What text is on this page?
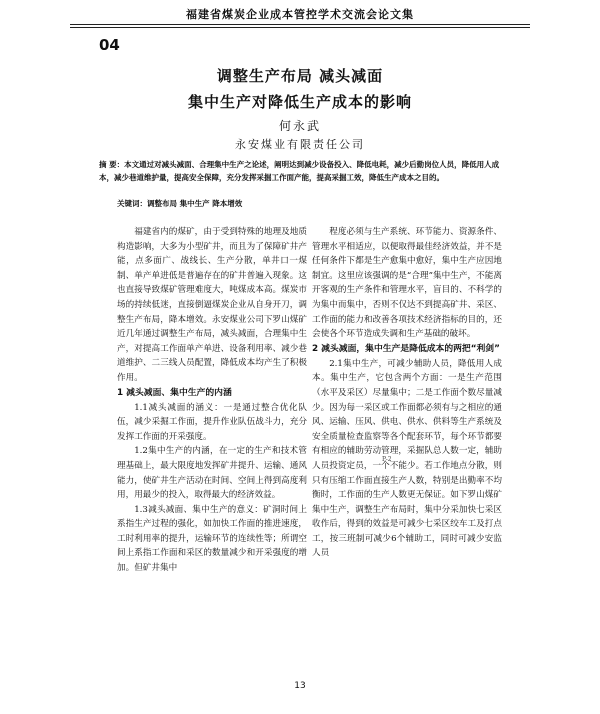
福建省煤炭企业成本管控学术交流会论文集
04
调整生产布局 减头减面
集中生产对降低生产成本的影响
何永武
永安煤业有限责任公司
摘 要：本文通过对减头减面、合理集中生产之论述，阐明达到减少设备投入、降低电耗，减少后勤岗位人员，降低用人成本，减少巷道维护量，提高安全保障，充分发挥采掘工作面产能，提高采掘工效，降低生产成本之目的。
关键词：调整布局 集中生产 降本增效

福建省内的煤矿，由于受到特殊的地理及地质构造影响，大多为小型矿井，而且为了保障矿井产能，点多面广、战线长、生产分散，单井口一煤制、单产单进低是普遍存在的矿井普遍入现象。这也直接导致煤矿管理难度大，吨煤成本高。煤炭市场的持续低迷，直接倒逼煤炭企业从自身开刀，调整生产布局，降本增效。永安煤业公司下罗山煤矿近几年通过调整生产布局，减头减面，合理集中生产，对提高工作面单产单进、设备利用率、减少巷道维护、二三线人员配置，降低成本均产生了积极作用。

1 减头减面、集中生产的内涵

1.1减头减面的涵义：一是通过整合优化队伍，减少采掘工作面，提升作业队伍战斗力，充分发挥工作面的开采强度。

1.2集中生产的内涵，在一定的生产和技术管理基础上，最大限度地发挥矿井提升、运输、通风能力，使矿井生产活动在时间、空间上得到高度利用，用最少的投入，取得最大的经济效益。

1.3减头减面、集中生产的意义：矿洞时间上系指生产过程的强化，如加快工作面的推进速度，工时利用率的提升，运输环节的连续性等；所谓空间上系指工作面和采区的数量减少和开采强度的增加。但矿井集中

程度必须与生产系统、环节能力、资源条件、管理水平相适应，以便取得最佳经济效益，并不是任何条件下都是生产愈集中愈好，集中生产应因地制宜。这里应该强调的是“合理”集中生产，不能离开客观的生产条件和管理水平，盲目的、不科学的为集中而集中，否则不仅达不到提高矿井、采区、工作面的能力和改善各项技术经济指标的目的，还会使各个环节造成失调和生产基础的破坏。

2 减头减面，集中生产是降低成本的两把“利剑”

2.1集中生产，可减少辅助人员，降低用人成本。集中生产，它包含两个方面：一是生产范围（水平及采区）尽量集中；二是工作面个数尽量减少。因为每一采区或工作面都必须有与之相应的通风、运输、压风、供电、供水、供料等生产系统及安全质量检查监察等各个配套环节，每个环节都要有相应的辅助劳动管理，采掘队总人数一定，辅助人员投资定员，一个不能少。若工作地点分散，则只有压缩工作面直接生产人数，特别是出勤率不均衡时，工作面的生产人数更无保证。如下罗山煤矿集中生产，调整生产布局时，集中分采加快七采区收作后，得到的效益是可减少七采区绞车工及打点工，按三班制可减少6个辅助工，同时可减少安监人员

P-2
13
